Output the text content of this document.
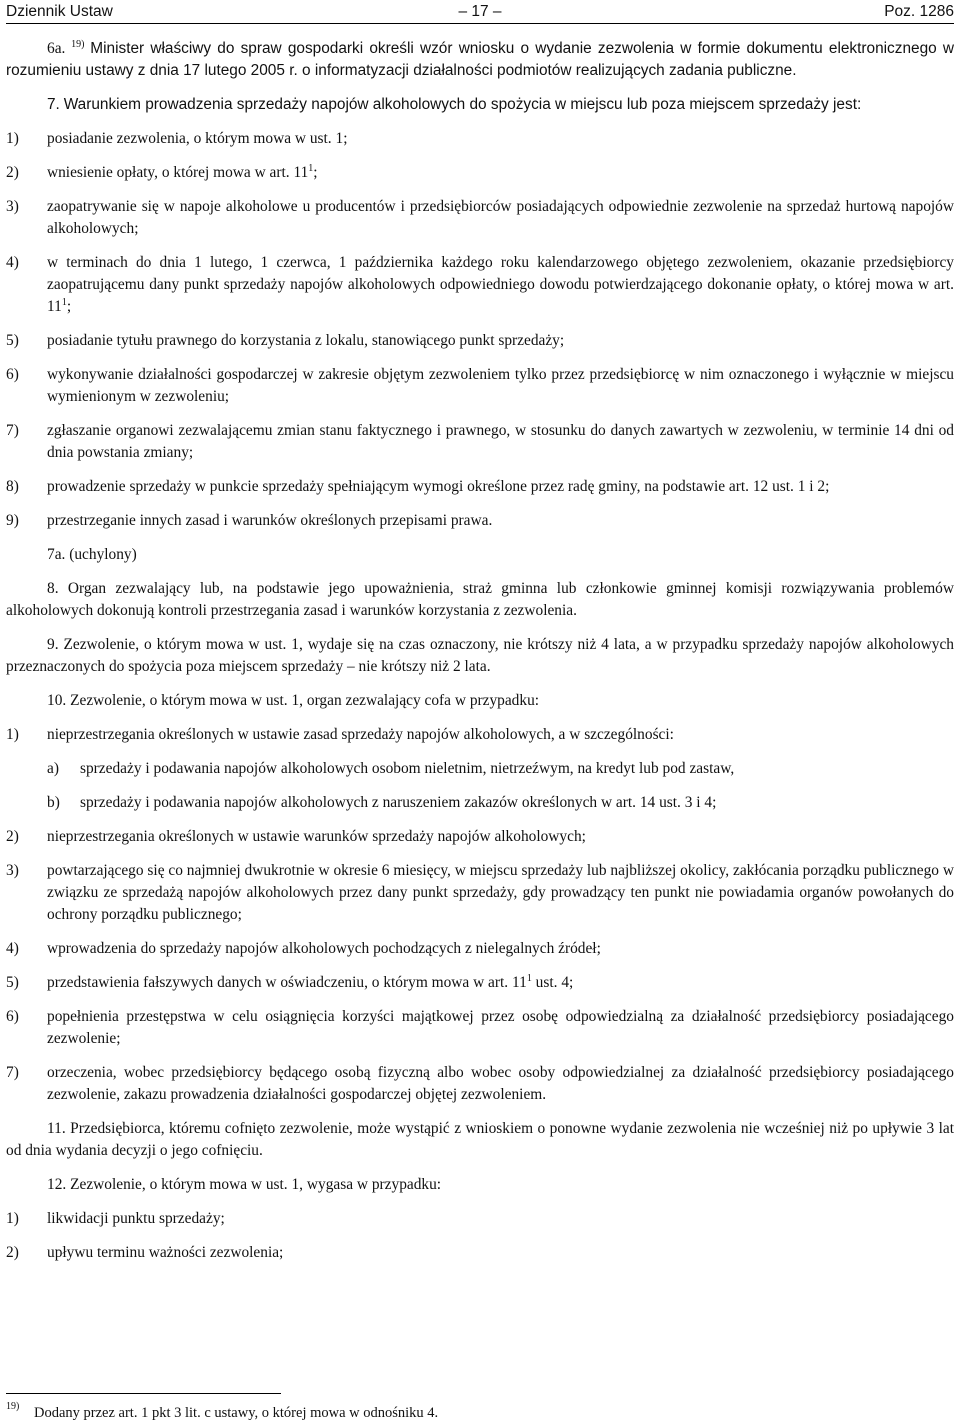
Dziennik Ustaw	– 17 –	Poz. 1286

6a. $^{19)}$ Minister właściwy do spraw gospodarki określi wzór wniosku o wydanie zezwolenia w formie dokumentu elektronicznego w rozumieniu ustawy z dnia 17 lutego 2005 r. o informatyzacji działalności podmiotów realizujących zadania publiczne.

7. Warunkiem prowadzenia sprzedaży napojów alkoholowych do spożycia w miejscu lub poza miejscem sprzedaży jest:

1)	posiadanie zezwolenia, o którym mowa w ust. 1;
2)	wniesienie opłaty, o której mowa w art. $11^1$;
3)	zaopatrywanie się w napoje alkoholowe u producentów i przedsiębiorców posiadających odpowiednie zezwolenie na sprzedaż hurtową napojów alkoholowych;
4)	w terminach do dnia 1 lutego, 1 czerwca, 1 października każdego roku kalendarzowego objętego zezwoleniem, okazanie przedsiębiorcy zaopatrującemu dany punkt sprzedaży napojów alkoholowych odpowiedniego dowodu potwierdzającego dokonanie opłaty, o której mowa w art. $11^1$;
5)	posiadanie tytułu prawnego do korzystania z lokalu, stanowiącego punkt sprzedaży;
6)	wykonywanie działalności gospodarczej w zakresie objętym zezwoleniem tylko przez przedsiębiorcę w nim oznaczonego i wyłącznie w miejscu wymienionym w zezwoleniu;
7)	zgłaszanie organowi zezwalającemu zmian stanu faktycznego i prawnego, w stosunku do danych zawartych w zezwoleniu, w terminie 14 dni od dnia powstania zmiany;
8)	prowadzenie sprzedaży w punkcie sprzedaży spełniającym wymogi określone przez radę gminy, na podstawie art. 12 ust. 1 i 2;
9)	przestrzeganie innych zasad i warunków określonych przepisami prawa.

7a. (uchylony)

8. Organ zezwalający lub, na podstawie jego upoważnienia, straż gminna lub członkowie gminnej komisji rozwiązywania problemów alkoholowych dokonują kontroli przestrzegania zasad i warunków korzystania z zezwolenia.

9. Zezwolenie, o którym mowa w ust. 1, wydaje się na czas oznaczony, nie krótszy niż 4 lata, a w przypadku sprzedaży napojów alkoholowych przeznaczonych do spożycia poza miejscem sprzedaży – nie krótszy niż 2 lata.

10. Zezwolenie, o którym mowa w ust. 1, organ zezwalający cofa w przypadku:

1)	nieprzestrzegania określonych w ustawie zasad sprzedaży napojów alkoholowych, a w szczególności:
a)	sprzedaży i podawania napojów alkoholowych osobom nieletnim, nietrzeźwym, na kredyt lub pod zastaw,
b)	sprzedaży i podawania napojów alkoholowych z naruszeniem zakazów określonych w art. 14 ust. 3 i 4;
2)	nieprzestrzegania określonych w ustawie warunków sprzedaży napojów alkoholowych;
3)	powtarzającego się co najmniej dwukrotnie w okresie 6 miesięcy, w miejscu sprzedaży lub najbliższej okolicy, zakłócania porządku publicznego w związku ze sprzedażą napojów alkoholowych przez dany punkt sprzedaży, gdy prowadzący ten punkt nie powiadamia organów powołanych do ochrony porządku publicznego;
4)	wprowadzenia do sprzedaży napojów alkoholowych pochodzących z nielegalnych źródeł;
5)	przedstawienia fałszywych danych w oświadczeniu, o którym mowa w art. $11^1$ ust. 4;
6)	popełnienia przestępstwa w celu osiągnięcia korzyści majątkowej przez osobę odpowiedzialną za działalność przedsiębiorcy posiadającego zezwolenie;
7)	orzeczenia, wobec przedsiębiorcy będącego osobą fizyczną albo wobec osoby odpowiedzialnej za działalność przedsiębiorcy posiadającego zezwolenie, zakazu prowadzenia działalności gospodarczej objętej zezwoleniem.

11. Przedsiębiorca, któremu cofnięto zezwolenie, może wystąpić z wnioskiem o ponowne wydanie zezwolenia nie wcześniej niż po upływie 3 lat od dnia wydania decyzji o jego cofnięciu.

12. Zezwolenie, o którym mowa w ust. 1, wygasa w przypadku:

1)	likwidacji punktu sprzedaży;
2)	upływu terminu ważności zezwolenia;
19)	Dodany przez art. 1 pkt 3 lit. c ustawy, o której mowa w odnośniku 4.
